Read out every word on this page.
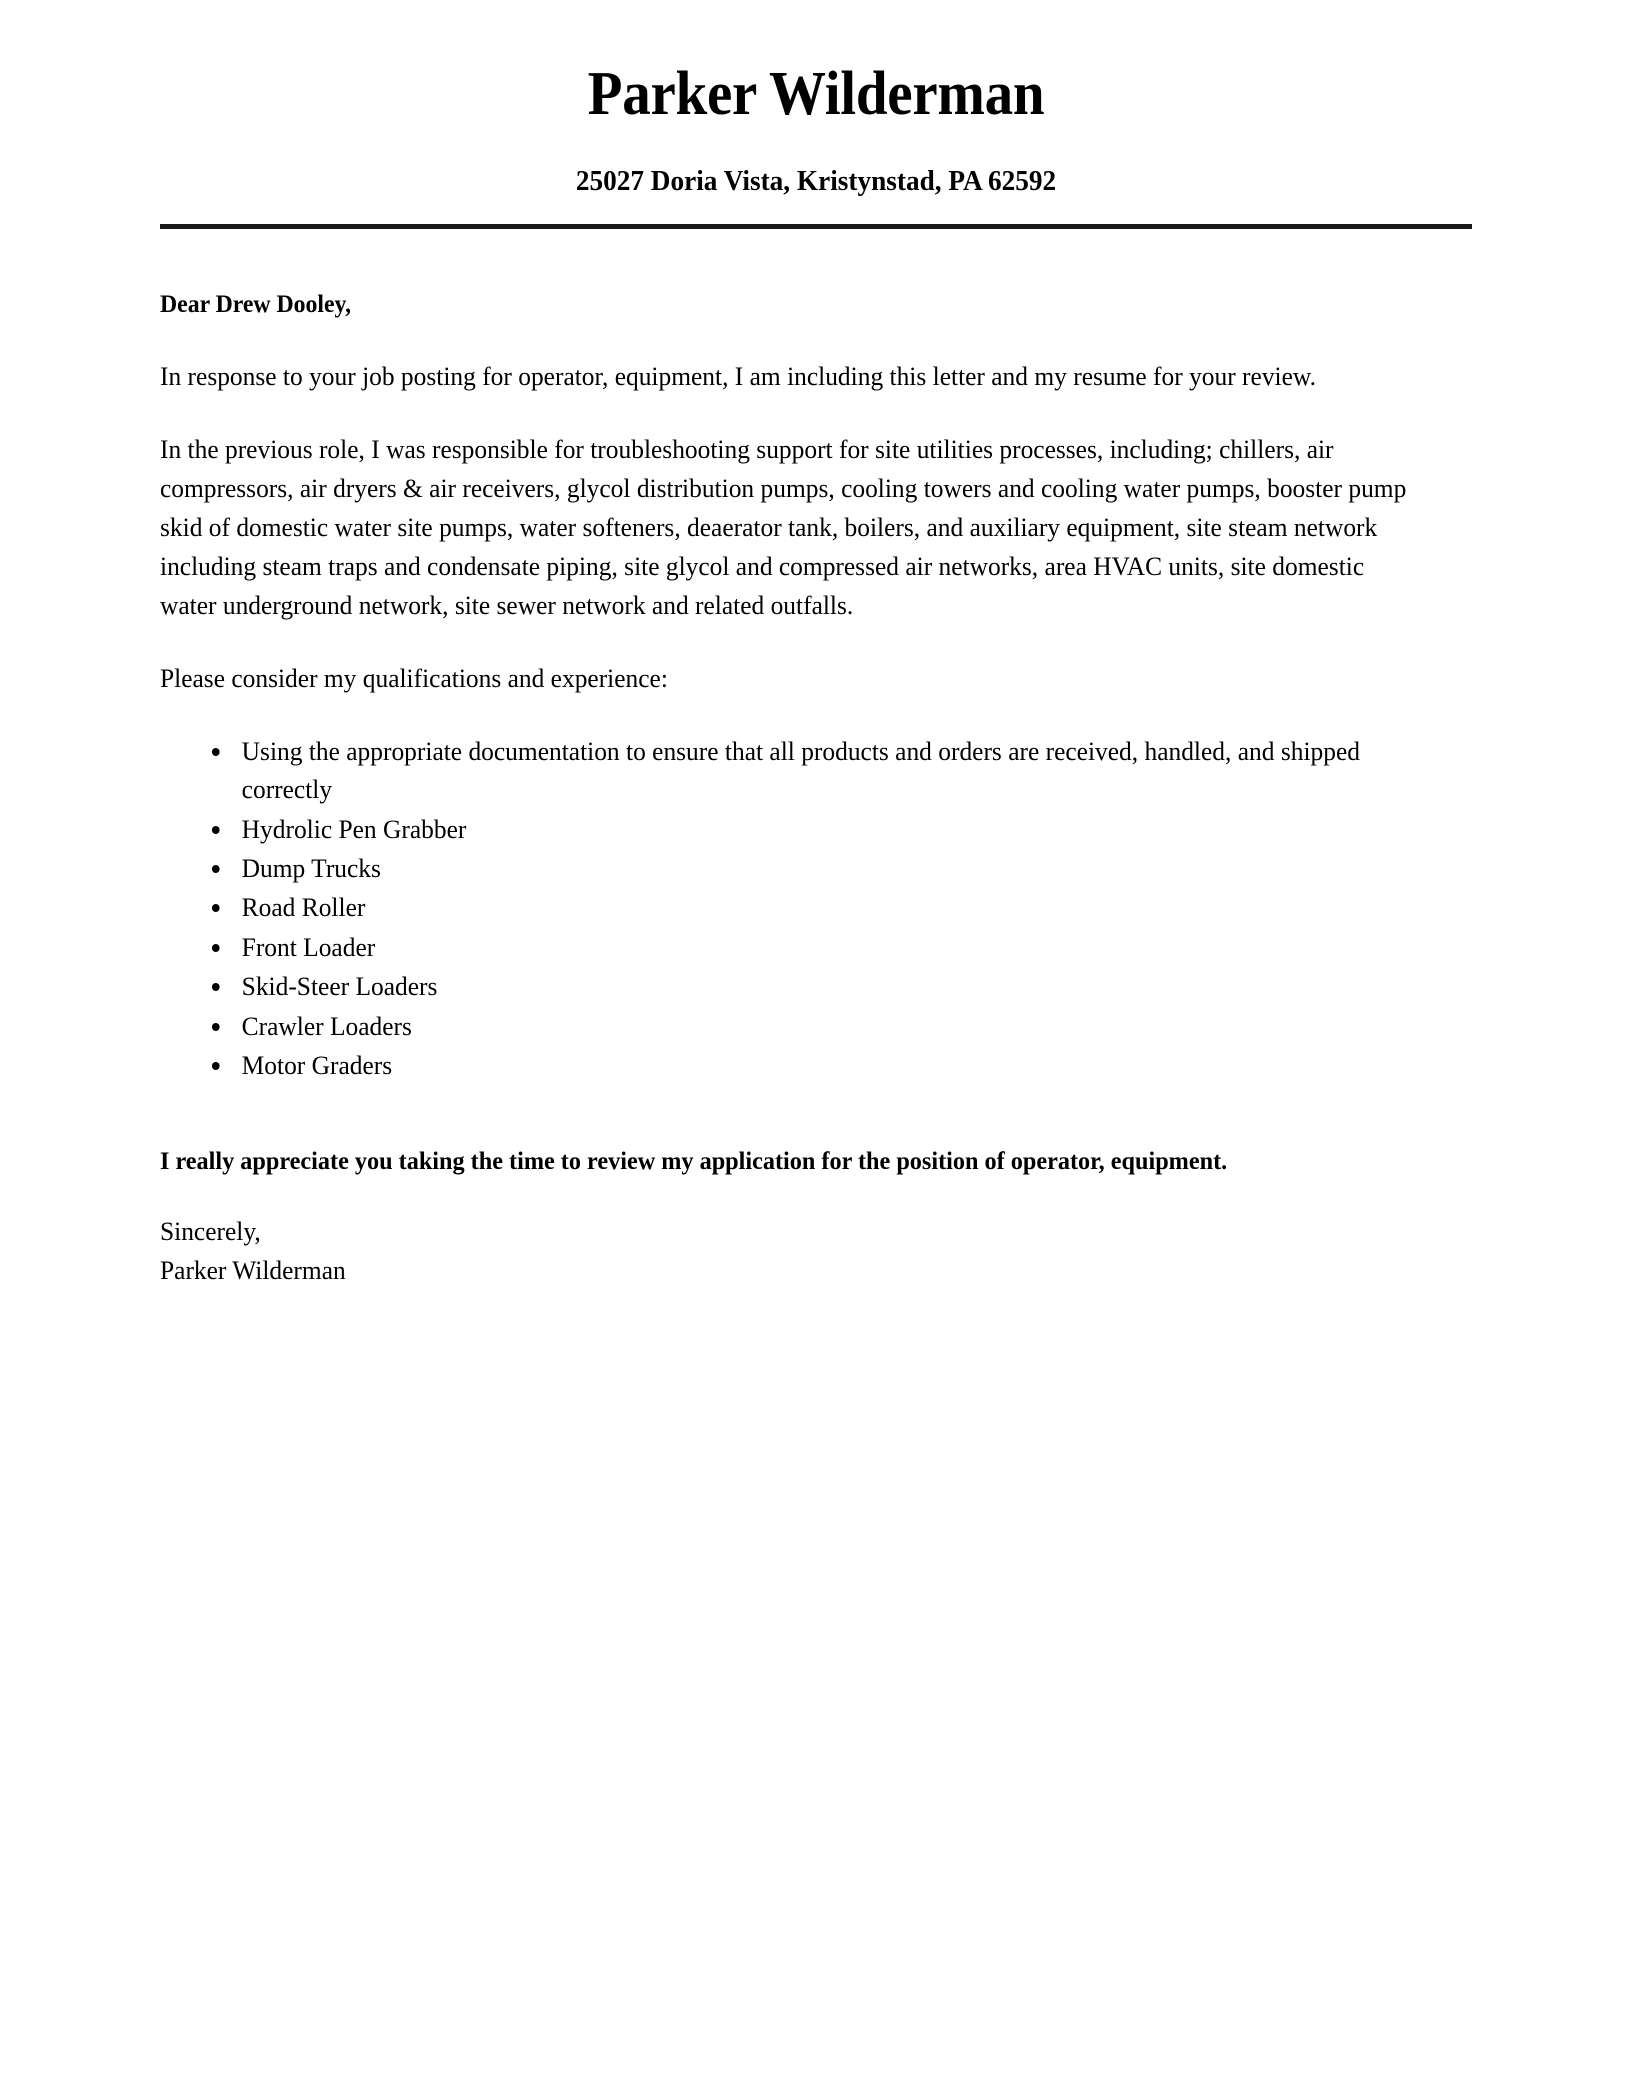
Parker Wilderman
25027 Doria Vista, Kristynstad, PA 62592
Dear Drew Dooley,

In response to your job posting for operator, equipment, I am including this letter and my resume for your review.

In the previous role, I was responsible for troubleshooting support for site utilities processes, including; chillers, air compressors, air dryers & air receivers, glycol distribution pumps, cooling towers and cooling water pumps, booster pump skid of domestic water site pumps, water softeners, deaerator tank, boilers, and auxiliary equipment, site steam network including steam traps and condensate piping, site glycol and compressed air networks, area HVAC units, site domestic water underground network, site sewer network and related outfalls.

Please consider my qualifications and experience:

• Using the appropriate documentation to ensure that all products and orders are received, handled, and shipped correctly
• Hydrolic Pen Grabber
• Dump Trucks
• Road Roller
• Front Loader
• Skid-Steer Loaders
• Crawler Loaders
• Motor Graders
I really appreciate you taking the time to review my application for the position of operator, equipment.
Sincerely,
Parker Wilderman
